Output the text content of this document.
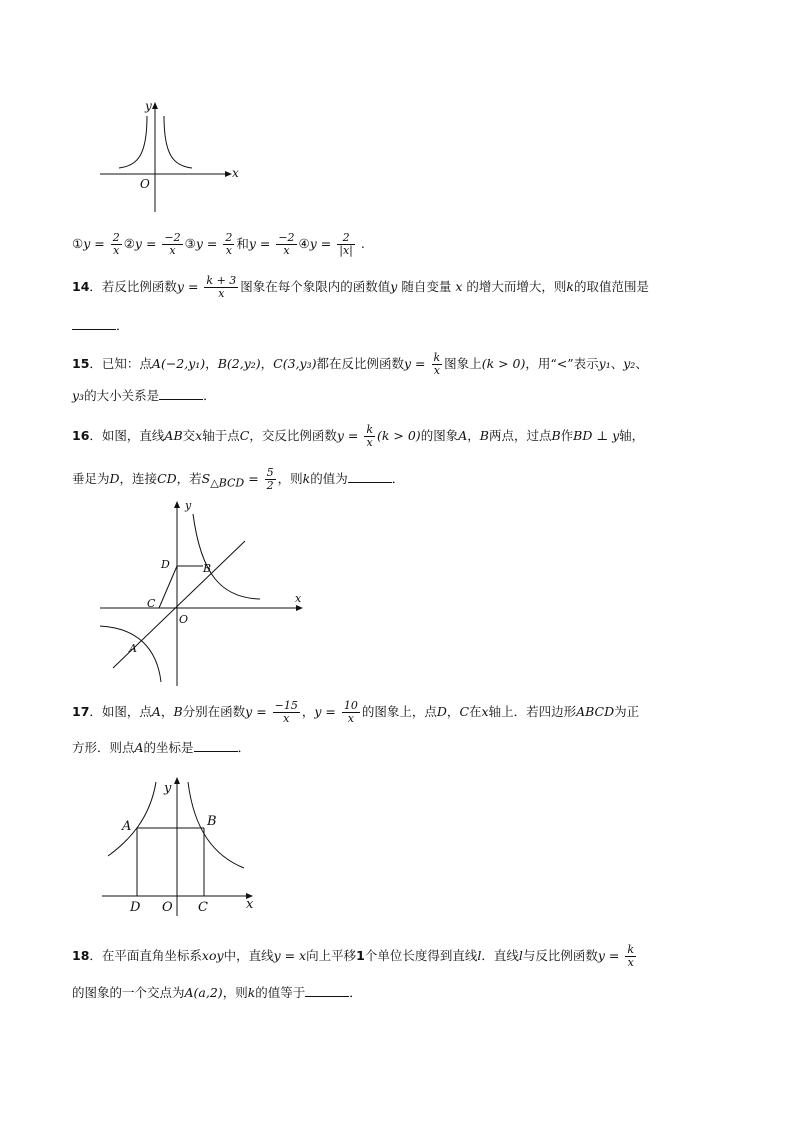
y
x
O
①y = $\frac{2}{x}$ ②y = $\frac{-2}{x}$ ③y = $\frac{2}{x}$ 和$y = \frac{-2}{x}$ ④y = $\frac{2}{|x|}$ .
14．若反比例函数$y = \frac{k + 3}{x}$ 图象在每个象限内的函数值y 随自变量 x 的增大而增大，则k的取值范围是
．
15．已知：点A(−2,y₁)，B(2,y₂)，C(3,y₃)都在反比例函数$y = \frac{k}{x}$ 图象上(k > 0)，用“<”表示y₁、y₂、
y₃的大小关系是	．
16．如图，直线AB交x轴于点C，交反比例函数$y = \frac{k}{x} (k > 0)$的图象A，B两点，过点B作BD ⊥ y轴，
垂足为D，连接CD，若$S_{\triangle BCD} = \frac{5}{2}$ ，则k的值为	．
y
x
O
A
B
C
D
17．如图，点A，B分别在函数$y = \frac{-15}{x}$ ，$y = \frac{10}{x}$ 的图象上，点D，C在x轴上．若四边形ABCD为正
方形．则点A的坐标是	．
y
x
O
A	B
C
D
18．在平面直角坐标系xoy中，直线y = x向上平移1个单位长度得到直线l．直线l与反比例函数$y = \frac{k}{x}$
的图象的一个交点为A(a,2)，则k的值等于	．
